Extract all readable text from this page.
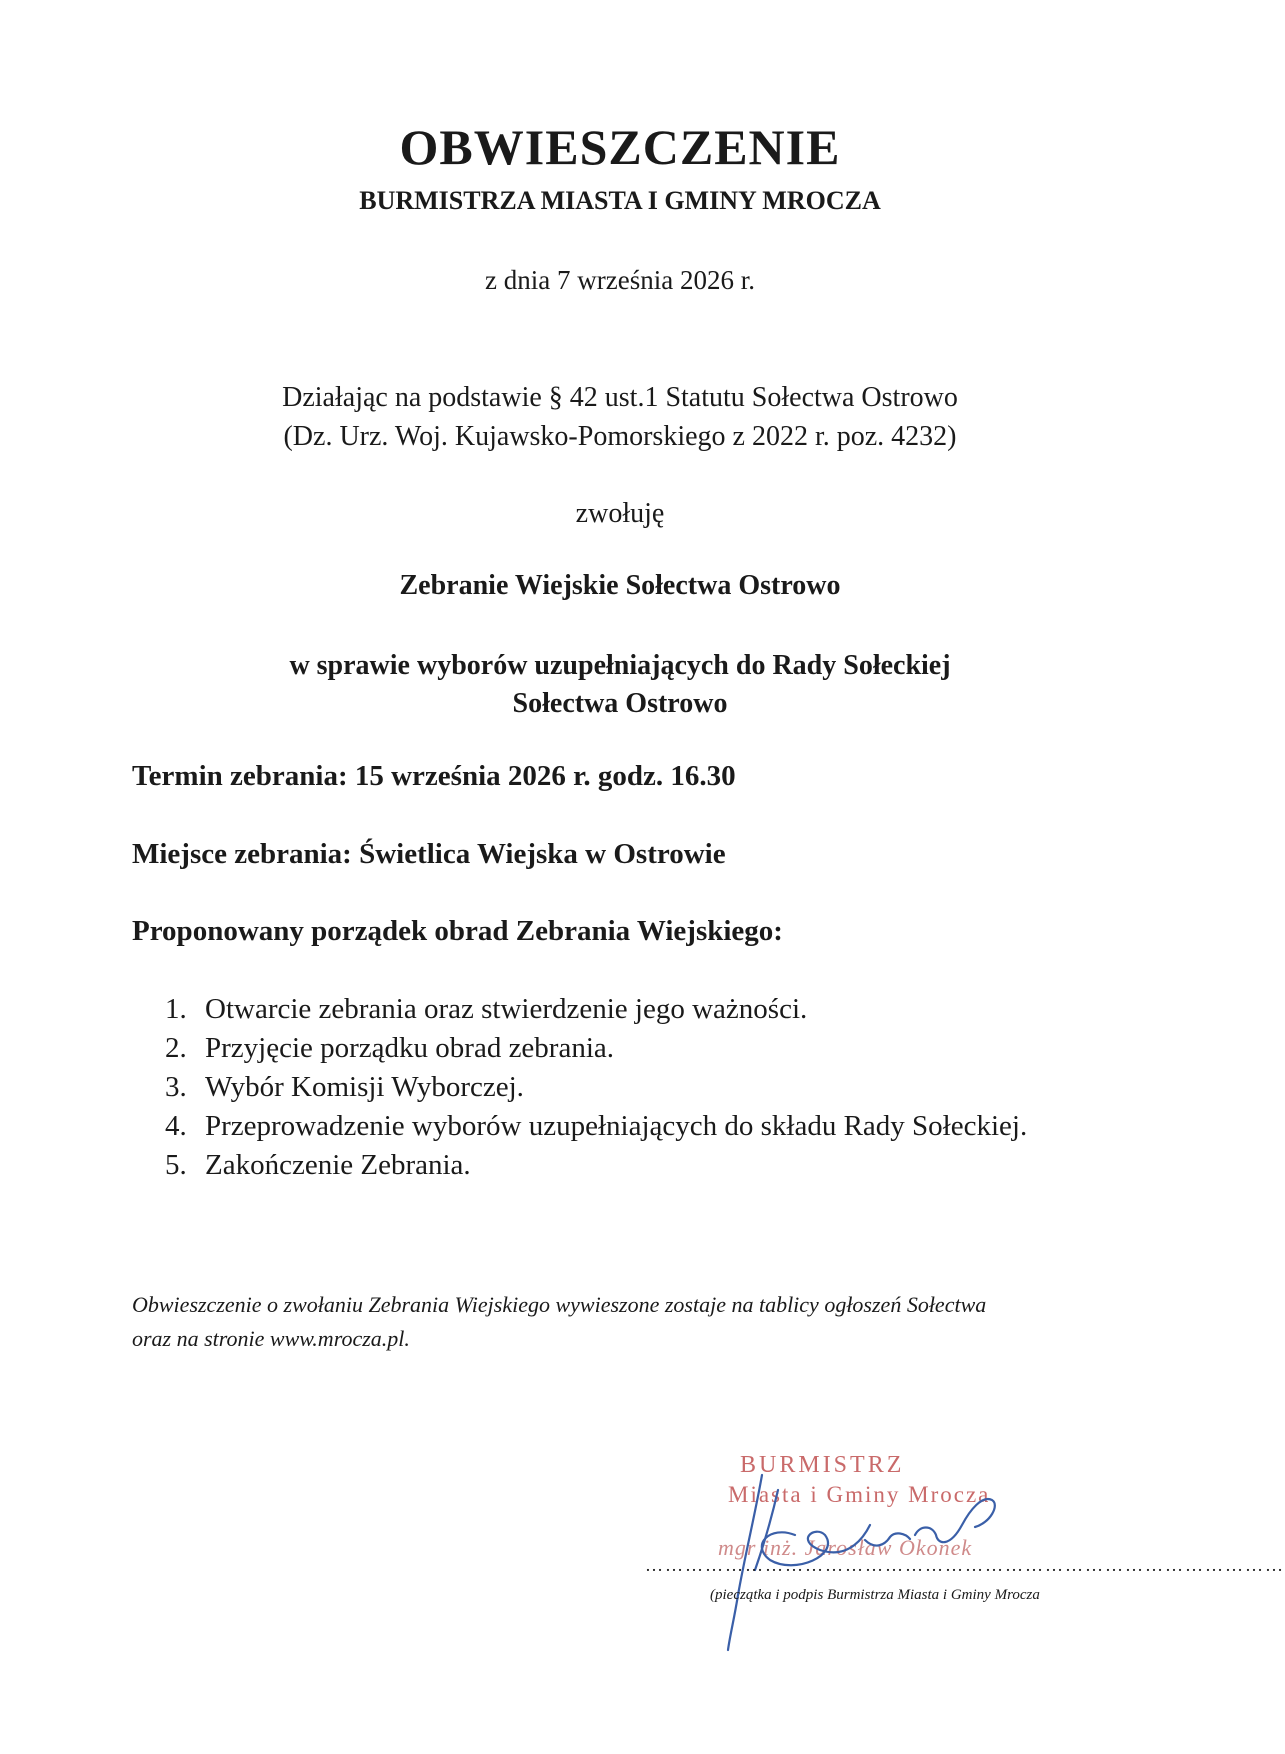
OBWIESZCZENIE
BURMISTRZA MIASTA I GMINY MROCZA
z dnia 7 września 2026 r.
Działając na podstawie § 42 ust.1 Statutu Sołectwa Ostrowo
(Dz. Urz. Woj. Kujawsko-Pomorskiego z 2022 r. poz. 4232)
zwołuję
Zebranie Wiejskie Sołectwa Ostrowo
w sprawie wyborów uzupełniających do Rady Sołeckiej
Sołectwa Ostrowo
Termin zebrania: 15 września 2026 r. godz. 16.30
Miejsce zebrania: Świetlica Wiejska w Ostrowie
Proponowany porządek obrad Zebrania Wiejskiego:
1. Otwarcie zebrania oraz stwierdzenie jego ważności.
2. Przyjęcie porządku obrad zebrania.
3. Wybór Komisji Wyborczej.
4. Przeprowadzenie wyborów uzupełniających do składu Rady Sołeckiej.
5. Zakończenie Zebrania.
Obwieszczenie o zwołaniu Zebrania Wiejskiego wywieszone zostaje na tablicy ogłoszeń Sołectwa
oraz na stronie www.mrocza.pl.
BURMISTRZ
Miasta i Gminy Mrocza
mgr inż. Jarosław Okonek
……………………………………………………………………………………
(pieczątka i podpis Burmistrza Miasta i Gminy Mrocza
